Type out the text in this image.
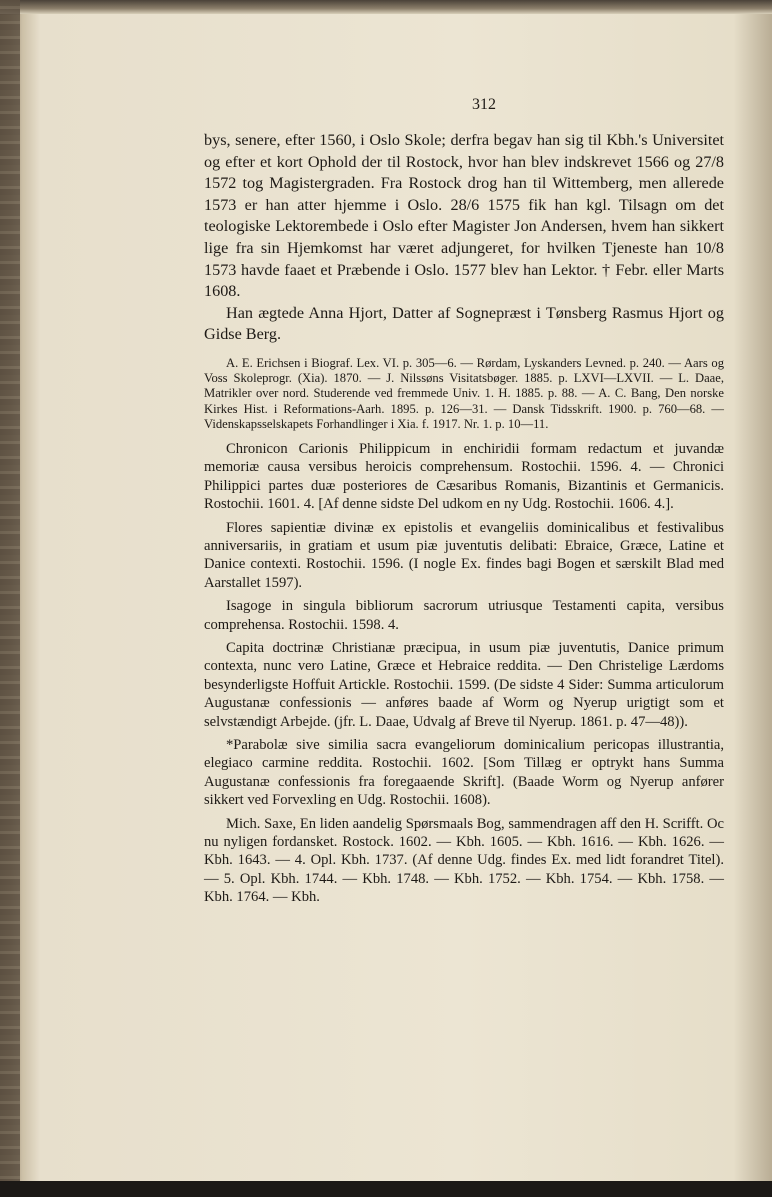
312

bys, senere, efter 1560, i Oslo Skole; derfra begav han sig til Kbh.'s Universitet og efter et kort Ophold der til Rostock, hvor han blev indskrevet 1566 og 27/8 1572 tog Magistergraden. Fra Rostock drog han til Wittemberg, men allerede 1573 er han atter hjemme i Oslo. 28/6 1575 fik han kgl. Tilsagn om det teologiske Lektorembede i Oslo efter Magister Jon Andersen, hvem han sikkert lige fra sin Hjemkomst har været adjungeret, for hvilken Tjeneste han 10/8 1573 havde faaet et Præbende i Oslo. 1577 blev han Lektor. † Febr. eller Marts 1608.

Han ægtede Anna Hjort, Datter af Sognepræst i Tønsberg Rasmus Hjort og Gidse Berg.

A. E. Erichsen i Biograf. Lex. VI. p. 305—6. — Rørdam, Lyskanders Levned. p. 240. — Aars og Voss Skoleprogr. (Xia). 1870. — J. Nilssøns Visitatsbøger. 1885. p. LXVI—LXVII. — L. Daae, Matrikler over nord. Studerende ved fremmede Univ. 1. H. 1885. p. 88. — A. C. Bang, Den norske Kirkes Hist. i Reformations-Aarh. 1895. p. 126—31. — Dansk Tidsskrift. 1900. p. 760—68. — Videnskapsselskapets Forhandlinger i Xia. f. 1917. Nr. 1. p. 10—11.

Chronicon Carionis Philippicum in enchiridii formam redactum et juvandæ memoriæ causa versibus heroicis comprehensum. Rostochii. 1596. 4. — Chronici Philippici partes duæ posteriores de Cæsaribus Romanis, Bizantinis et Germanicis. Rostochii. 1601. 4. [Af denne sidste Del udkom en ny Udg. Rostochii. 1606. 4.].

Flores sapientiæ divinæ ex epistolis et evangeliis dominicalibus et festivalibus anniversariis, in gratiam et usum piæ juventutis delibati: Ebraice, Græce, Latine et Danice contexti. Rostochii. 1596. (I nogle Ex. findes bagi Bogen et særskilt Blad med Aarstallet 1597).

Isagoge in singula bibliorum sacrorum utriusque Testamenti capita, versibus comprehensa. Rostochii. 1598. 4.

Capita doctrinæ Christianæ præcipua, in usum piæ juventutis, Danice primum contexta, nunc vero Latine, Græce et Hebraice reddita. — Den Christelige Lærdoms besynderligste Hoffuit Artickle. Rostochii. 1599. (De sidste 4 Sider: Summa articulorum Augustanæ confessionis — anføres baade af Worm og Nyerup urigtigt som et selvstændigt Arbejde. (jfr. L. Daae, Udvalg af Breve til Nyerup. 1861. p. 47—48)).

*Parabolæ sive similia sacra evangeliorum dominicalium pericopas illustrantia, elegiaco carmine reddita. Rostochii. 1602. [Som Tillæg er optrykt hans Summa Augustanæ confessionis fra foregaaende Skrift]. (Baade Worm og Nyerup anfører sikkert ved Forvexling en Udg. Rostochii. 1608).

Mich. Saxe, En liden aandelig Spørsmaals Bog, sammendragen aff den H. Scrifft. Oc nu nyligen fordansket. Rostock. 1602. — Kbh. 1605. — Kbh. 1616. — Kbh. 1626. — Kbh. 1643. — 4. Opl. Kbh. 1737. (Af denne Udg. findes Ex. med lidt forandret Titel). — 5. Opl. Kbh. 1744. — Kbh. 1748. — Kbh. 1752. — Kbh. 1754. — Kbh. 1758. — Kbh. 1764. — Kbh.
